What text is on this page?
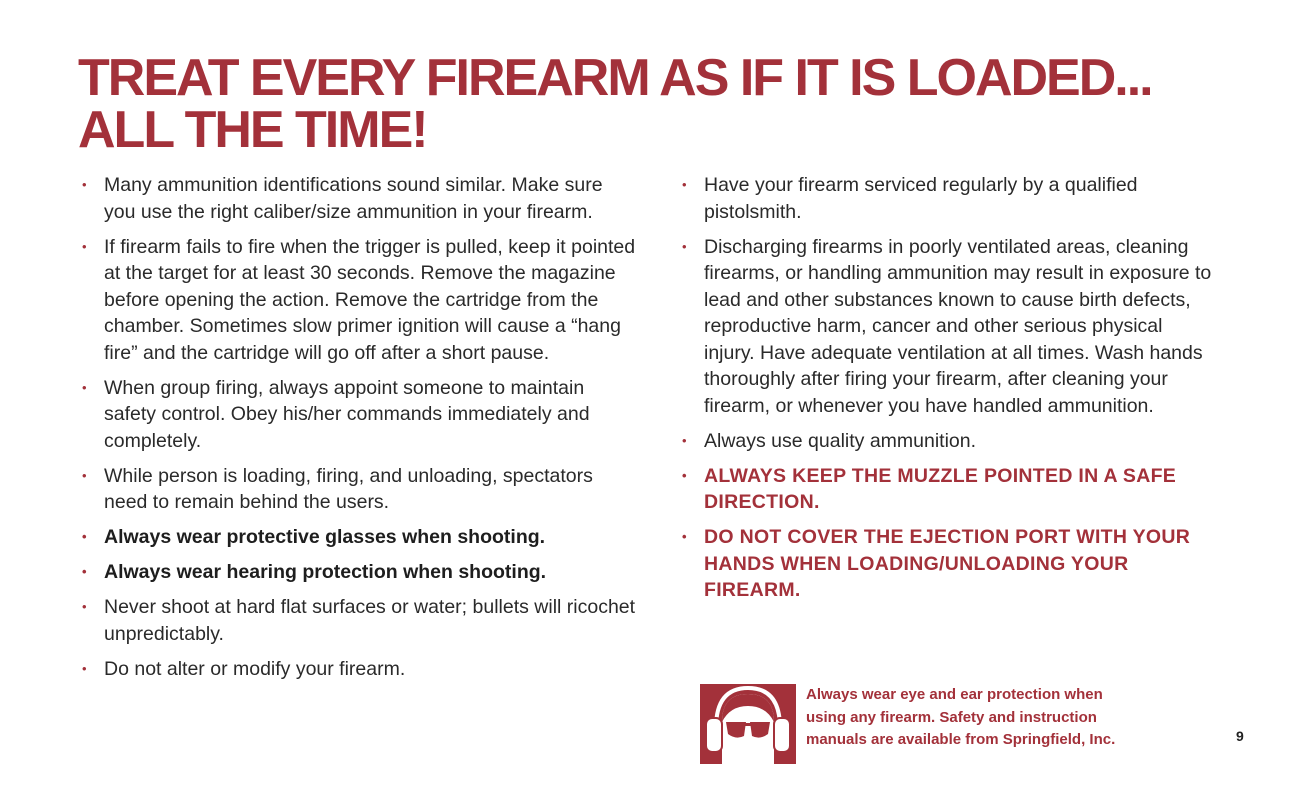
TREAT EVERY FIREARM AS IF IT IS LOADED...
ALL THE TIME!
• Many ammunition identifications sound similar. Make sure you use the right caliber/size ammunition in your firearm.
• If firearm fails to fire when the trigger is pulled, keep it pointed at the target for at least 30 seconds. Remove the magazine before opening the action. Remove the cartridge from the chamber. Sometimes slow primer ignition will cause a “hang fire” and the cartridge will go off after a short pause.
• When group firing, always appoint someone to maintain safety control. Obey his/her commands immediately and completely.
• While person is loading, firing, and unloading, spectators need to remain behind the users.
• Always wear protective glasses when shooting.
• Always wear hearing protection when shooting.
• Never shoot at hard flat surfaces or water; bullets will ricochet unpredictably.
• Do not alter or modify your firearm.
• Have your firearm serviced regularly by a qualified pistolsmith.
• Discharging firearms in poorly ventilated areas, cleaning firearms, or handling ammunition may result in exposure to lead and other substances known to cause birth defects, reproductive harm, cancer and other serious physical injury. Have adequate ventilation at all times. Wash hands thoroughly after firing your firearm, after cleaning your firearm, or whenever you have handled ammunition.
• Always use quality ammunition.
• ALWAYS KEEP THE MUZZLE POINTED IN A SAFE DIRECTION.
• DO NOT COVER THE EJECTION PORT WITH YOUR HANDS WHEN LOADING/UNLOADING YOUR FIREARM.
Always wear eye and ear protection when using any firearm. Safety and instruction manuals are available from Springfield, Inc.	9
